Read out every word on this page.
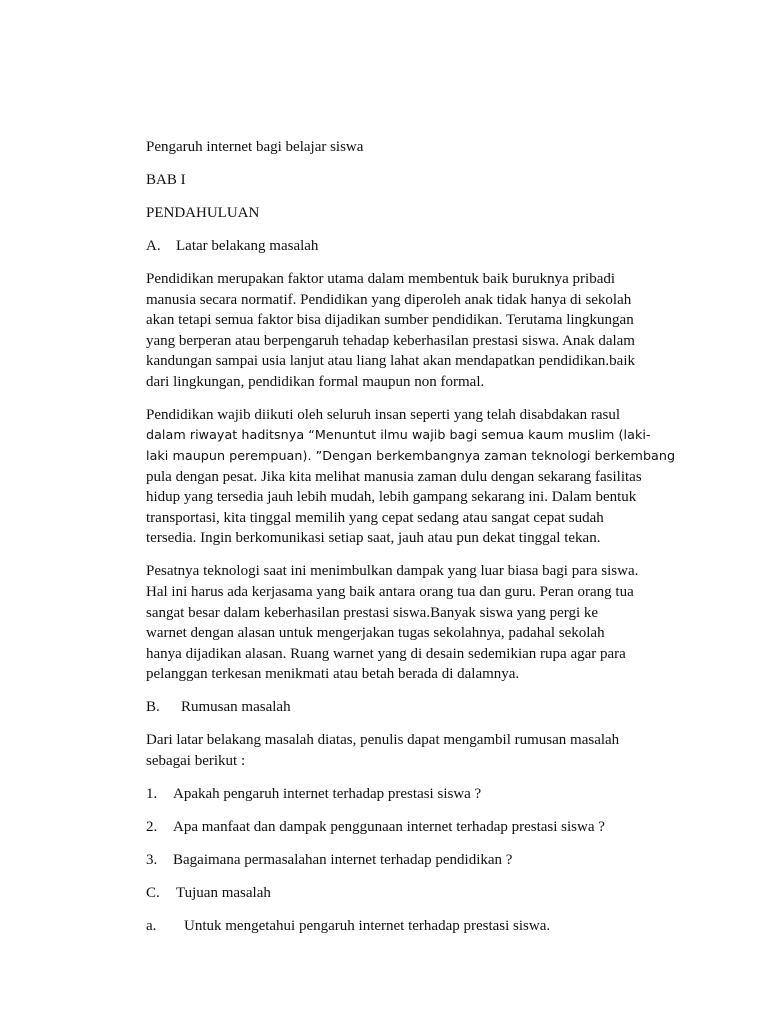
Pengaruh internet bagi belajar siswa

BAB I

PENDAHULUAN

A.	Latar belakang masalah

Pendidikan merupakan faktor utama dalam membentuk baik buruknya pribadi
manusia secara normatif. Pendidikan yang diperoleh anak tidak hanya di sekolah
akan tetapi semua faktor bisa dijadikan sumber pendidikan. Terutama lingkungan
yang berperan atau berpengaruh tehadap keberhasilan prestasi siswa. Anak dalam
kandungan sampai usia lanjut atau liang lahat akan mendapatkan pendidikan.baik
dari lingkungan, pendidikan formal maupun non formal.

Pendidikan wajib diikuti oleh seluruh insan seperti yang telah disabdakan rasul
dalam riwayat haditsnya “Menuntut ilmu wajib bagi semua kaum muslim (laki-
laki maupun perempuan). ”Dengan berkembangnya zaman teknologi berkembang
pula dengan pesat. Jika kita melihat manusia zaman dulu dengan sekarang fasilitas
hidup yang tersedia jauh lebih mudah, lebih gampang sekarang ini. Dalam bentuk
transportasi, kita tinggal memilih yang cepat sedang atau sangat cepat sudah
tersedia. Ingin berkomunikasi setiap saat, jauh atau pun dekat tinggal tekan.

Pesatnya teknologi saat ini menimbulkan dampak yang luar biasa bagi para siswa.
Hal ini harus ada kerjasama yang baik antara orang tua dan guru. Peran orang tua
sangat besar dalam keberhasilan prestasi siswa.Banyak siswa yang pergi ke
warnet dengan alasan untuk mengerjakan tugas sekolahnya, padahal sekolah
hanya dijadikan alasan. Ruang warnet yang di desain sedemikian rupa agar para
pelanggan terkesan menikmati atau betah berada di dalamnya.

B.	Rumusan masalah

Dari latar belakang masalah diatas, penulis dapat mengambil rumusan masalah
sebagai berikut :

1.	Apakah pengaruh internet terhadap prestasi siswa ?

2.	Apa manfaat dan dampak penggunaan internet terhadap prestasi siswa ?

3.	Bagaimana permasalahan internet terhadap pendidikan ?

C.	Tujuan masalah

a.	Untuk mengetahui pengaruh internet terhadap prestasi siswa.
